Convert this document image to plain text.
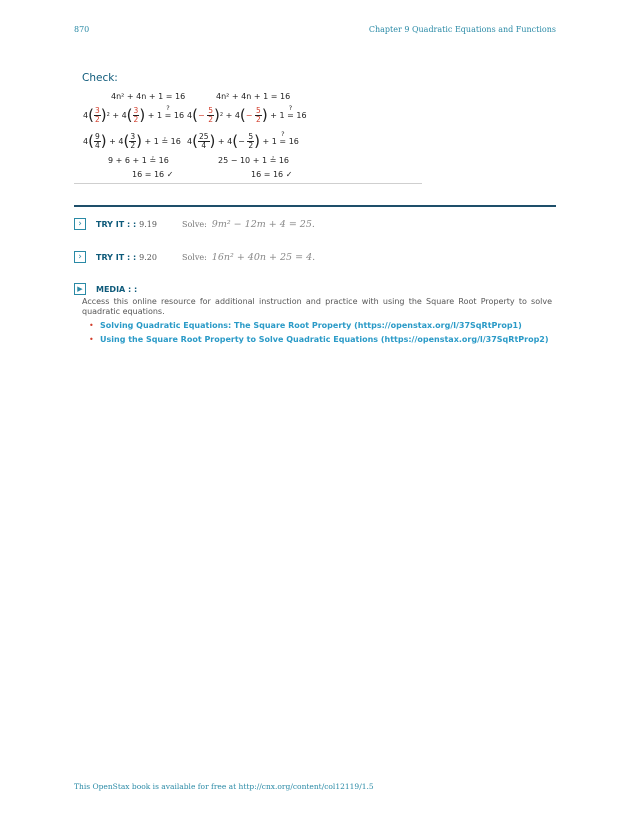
870	Chapter 9 Quadratic Equations and Functions
Check:
4n² + 4n + 1 = 16
4 ( $\frac{3}{2}$ ) 2 + 4 ( $\frac{3}{2}$ ) + 1 =
?
16
4 ( $\frac{9}{4}$ ) + 4 ( $\frac{3}{2}$ )
+ 1 ≟ 16
9 + 6 + 1 ≟ 16
16 = 16 ✓
4n² + 4n + 1 = 16
4 ( −
$\frac{5}{2}$ ) 2 + 4 ( −
$\frac{5}{2}$ ) + 1 =
?
16
4 ( $\frac{25}{4}$ ) + 4 ( − $\frac{5}{2}$ ) + 1 =
?
16
25 − 10 + 1 ≟ 16
16 = 16 ✓
› TRY IT : : 9.19	Solve: 9m² − 12m + 4 = 25.
› TRY IT : : 9.20	Solve: 16n² + 40n + 25 = 4.
▶ MEDIA : :
Access this online resource for additional instruction and practice with using the Square Root Property to solve quadratic equations.
• Solving Quadratic Equations: The Square Root Property (https://openstax.org/l/37SqRtProp1)
• Using the Square Root Property to Solve Quadratic Equations (https://openstax.org/l/37SqRtProp2)
This OpenStax book is available for free at http://cnx.org/content/col12119/1.5
